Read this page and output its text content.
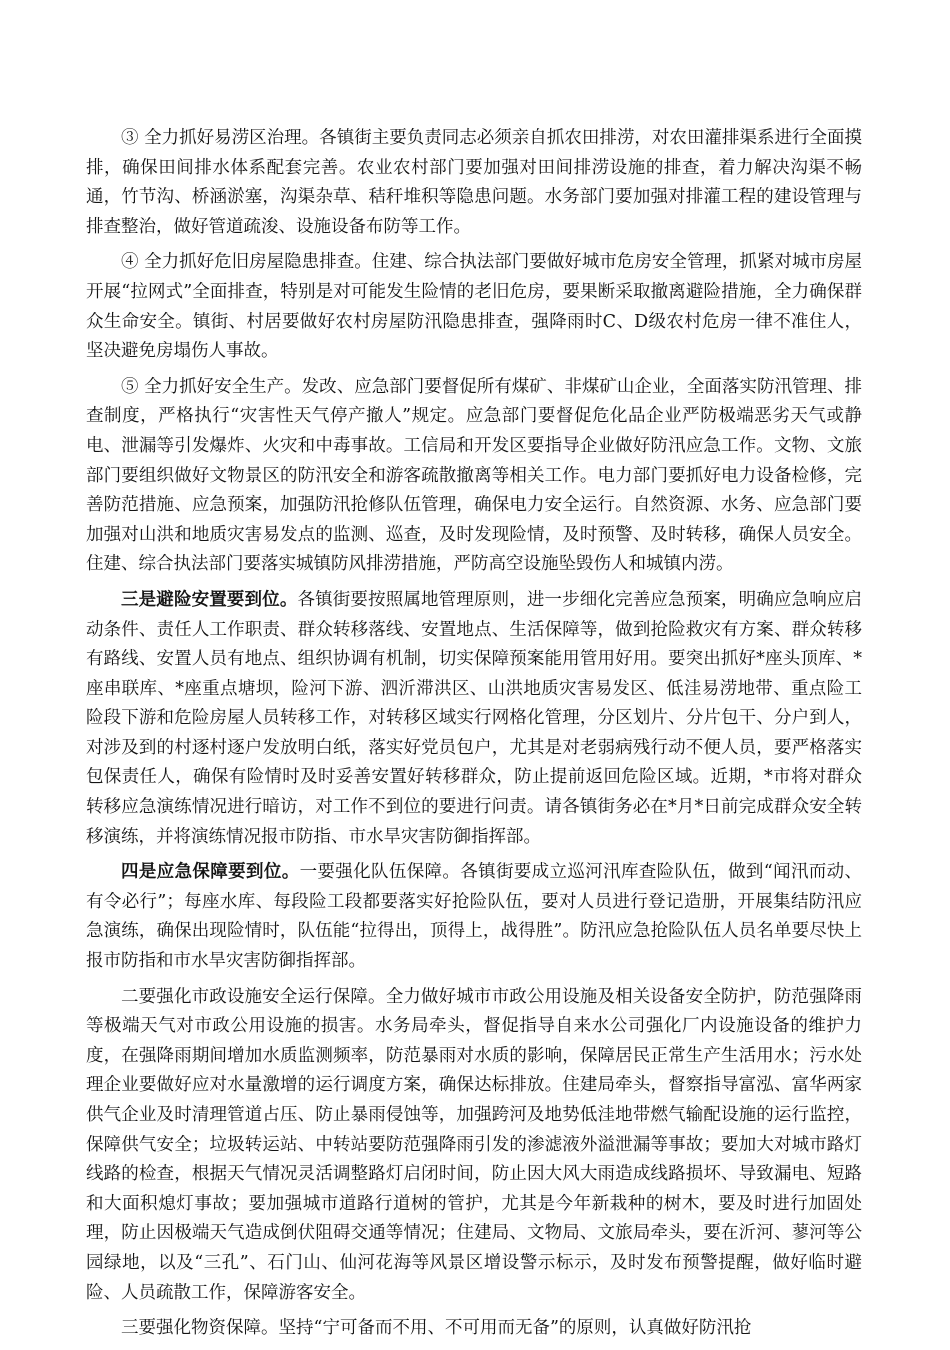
③ 全力抓好易涝区治理。各镇街主要负责同志必须亲自抓农田排涝，对农田灌排渠系进行全面摸排，确保田间排水体系配套完善。农业农村部门要加强对田间排涝设施的排查，着力解决沟渠不畅通，竹节沟、桥涵淤塞，沟渠杂草、秸秆堆积等隐患问题。水务部门要加强对排灌工程的建设管理与排查整治，做好管道疏浚、设施设备布防等工作。

④ 全力抓好危旧房屋隐患排查。住建、综合执法部门要做好城市危房安全管理，抓紧对城市房屋开展“拉网式”全面排查，特别是对可能发生险情的老旧危房，要果断采取撤离避险措施，全力确保群众生命安全。镇街、村居要做好农村房屋防汛隐患排查，强降雨时C、D级农村危房一律不准住人，坚决避免房塌伤人事故。

⑤ 全力抓好安全生产。发改、应急部门要督促所有煤矿、非煤矿山企业，全面落实防汛管理、排查制度，严格执行“灾害性天气停产撤人”规定。应急部门要督促危化品企业严防极端恶劣天气或静电、泄漏等引发爆炸、火灾和中毒事故。工信局和开发区要指导企业做好防汛应急工作。文物、文旅部门要组织做好文物景区的防汛安全和游客疏散撤离等相关工作。电力部门要抓好电力设备检修，完善防范措施、应急预案，加强防汛抢修队伍管理，确保电力安全运行。自然资源、水务、应急部门要加强对山洪和地质灾害易发点的监测、巡查，及时发现险情，及时预警、及时转移，确保人员安全。住建、综合执法部门要落实城镇防风排涝措施，严防高空设施坠毁伤人和城镇内涝。

三是避险安置要到位。各镇街要按照属地管理原则，进一步细化完善应急预案，明确应急响应启动条件、责任人工作职责、群众转移落线、安置地点、生活保障等，做到抢险救灾有方案、群众转移有路线、安置人员有地点、组织协调有机制，切实保障预案能用管用好用。要突出抓好*座头顶库、*座串联库、*座重点塘坝，险河下游、泗沂滞洪区、山洪地质灾害易发区、低洼易涝地带、重点险工险段下游和危险房屋人员转移工作，对转移区域实行网格化管理，分区划片、分片包干、分户到人，对涉及到的村逐村逐户发放明白纸，落实好党员包户，尤其是对老弱病残行动不便人员，要严格落实包保责任人，确保有险情时及时妥善安置好转移群众，防止提前返回危险区域。近期，*市将对群众转移应急演练情况进行暗访，对工作不到位的要进行问责。请各镇街务必在*月*日前完成群众安全转移演练，并将演练情况报市防指、市水旱灾害防御指挥部。

四是应急保障要到位。一要强化队伍保障。各镇街要成立巡河汛库查险队伍，做到“闻汛而动、有令必行”；每座水库、每段险工段都要落实好抢险队伍，要对人员进行登记造册，开展集结防汛应急演练，确保出现险情时，队伍能“拉得出，顶得上，战得胜”。防汛应急抢险队伍人员名单要尽快上报市防指和市水旱灾害防御指挥部。

二要强化市政设施安全运行保障。全力做好城市市政公用设施及相关设备安全防护，防范强降雨等极端天气对市政公用设施的损害。水务局牵头，督促指导自来水公司强化厂内设施设备的维护力度，在强降雨期间增加水质监测频率，防范暴雨对水质的影响，保障居民正常生产生活用水；污水处理企业要做好应对水量激增的运行调度方案，确保达标排放。住建局牵头，督察指导富泓、富华两家供气企业及时清理管道占压、防止暴雨侵蚀等，加强跨河及地势低洼地带燃气输配设施的运行监控，保障供气安全；垃圾转运站、中转站要防范强降雨引发的渗滤液外溢泄漏等事故；要加大对城市路灯线路的检查，根据天气情况灵活调整路灯启闭时间，防止因大风大雨造成线路损坏、导致漏电、短路和大面积熄灯事故；要加强城市道路行道树的管护，尤其是今年新栽种的树木，要及时进行加固处理，防止因极端天气造成倒伏阻碍交通等情况；住建局、文物局、文旅局牵头，要在沂河、蓼河等公园绿地，以及“三孔”、石门山、仙河花海等风景区增设警示标示，及时发布预警提醒，做好临时避险、人员疏散工作，保障游客安全。

三要强化物资保障。坚持“宁可备而不用、不可用而无备”的原则，认真做好防汛抢
